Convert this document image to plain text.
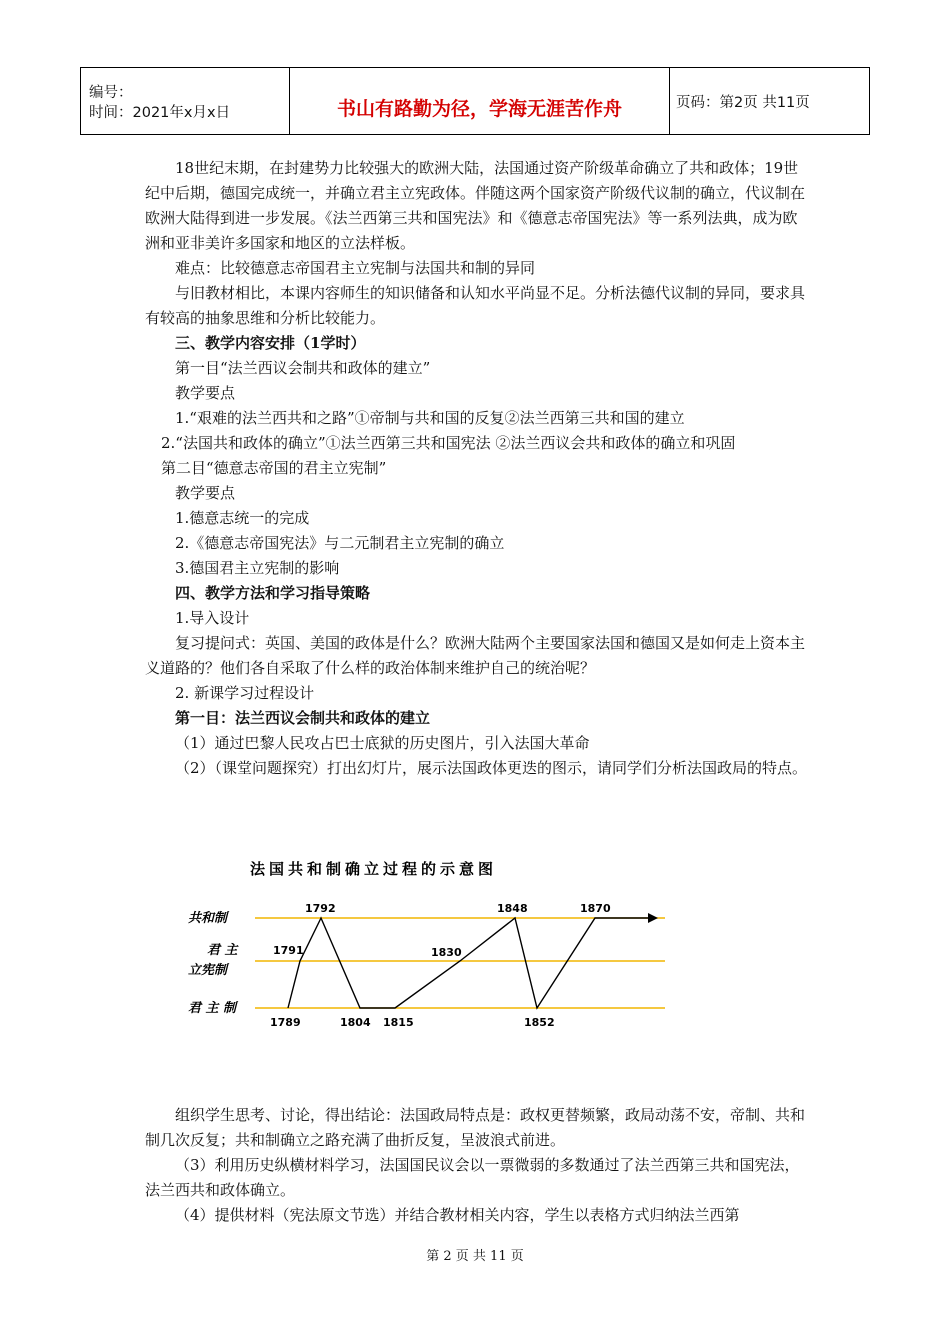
编号：
时间：2021年x月x日	书山有路勤为径，学海无涯苦作舟	页码：第2页 共11页

18世纪末期，在封建势力比较强大的欧洲大陆，法国通过资产阶级革命确立了共和政体；19世纪中后期，德国完成统一，并确立君主立宪政体。伴随这两个国家资产阶级代议制的确立，代议制在欧洲大陆得到进一步发展。《法兰西第三共和国宪法》和《德意志帝国宪法》等一系列法典，成为欧洲和亚非美许多国家和地区的立法样板。

难点：比较德意志帝国君主立宪制与法国共和制的异同

与旧教材相比，本课内容师生的知识储备和认知水平尚显不足。分析法德代议制的异同，要求具有较高的抽象思维和分析比较能力。

三、教学内容安排（1学时）

第一目“法兰西议会制共和政体的建立”

教学要点

1.“艰难的法兰西共和之路”①帝制与共和国的反复②法兰西第三共和国的建立

2.“法国共和政体的确立”①法兰西第三共和国宪法 ②法兰西议会共和政体的确立和巩固

第二目“德意志帝国的君主立宪制”

教学要点

1.德意志统一的完成

2.《德意志帝国宪法》与二元制君主立宪制的确立

3.德国君主立宪制的影响

四、教学方法和学习指导策略

1.导入设计

复习提问式：英国、美国的政体是什么？欧洲大陆两个主要国家法国和德国又是如何走上资本主义道路的？他们各自采取了什么样的政治体制来维护自己的统治呢？

2. 新课学习过程设计

第一目：法兰西议会制共和政体的建立

（1）通过巴黎人民攻占巴士底狱的历史图片，引入法国大革命

（2）（课堂问题探究）打出幻灯片，展示法国政体更迭的图示，请同学们分析法国政局的特点。

法国共和制确立过程的示意图
共和制
君 主
立宪制
君 主 制
1789
1791
1792
1804 1815
1830
1848
1852
1870

组织学生思考、讨论，得出结论：法国政局特点是：政权更替频繁，政局动荡不安，帝制、共和制几次反复；共和制确立之路充满了曲折反复，呈波浪式前进。

（3）利用历史纵横材料学习，法国国民议会以一票微弱的多数通过了法兰西第三共和国宪法，法兰西共和政体确立。

（4）提供材料（宪法原文节选）并结合教材相关内容，学生以表格方式归纳法兰西第

第 2 页 共 11 页
